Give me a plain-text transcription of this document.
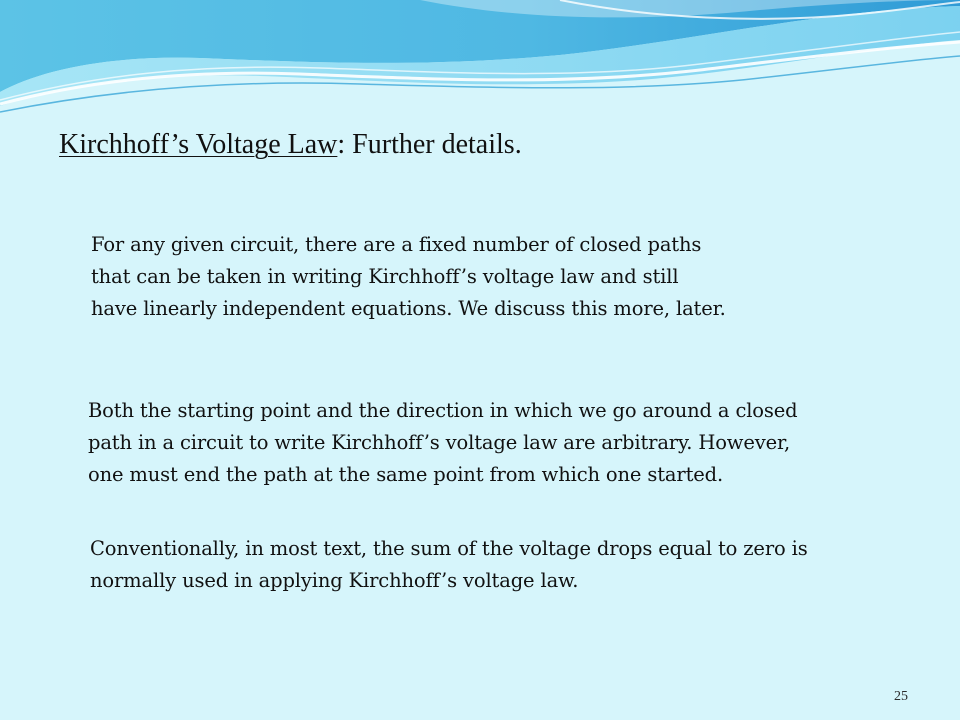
Kirchhoff’s Voltage Law: Further details.

For any given circuit, there are a fixed number of closed paths
that can be taken in writing Kirchhoff’s voltage law and still
have linearly independent equations. We discuss this more, later.

Both the starting point and the direction in which we go around a closed
path in a circuit to write Kirchhoff’s voltage law are arbitrary. However,
one must end the path at the same point from which one started.

Conventionally, in most text, the sum of the voltage drops equal to zero is
normally used in applying Kirchhoff’s voltage law.

25
